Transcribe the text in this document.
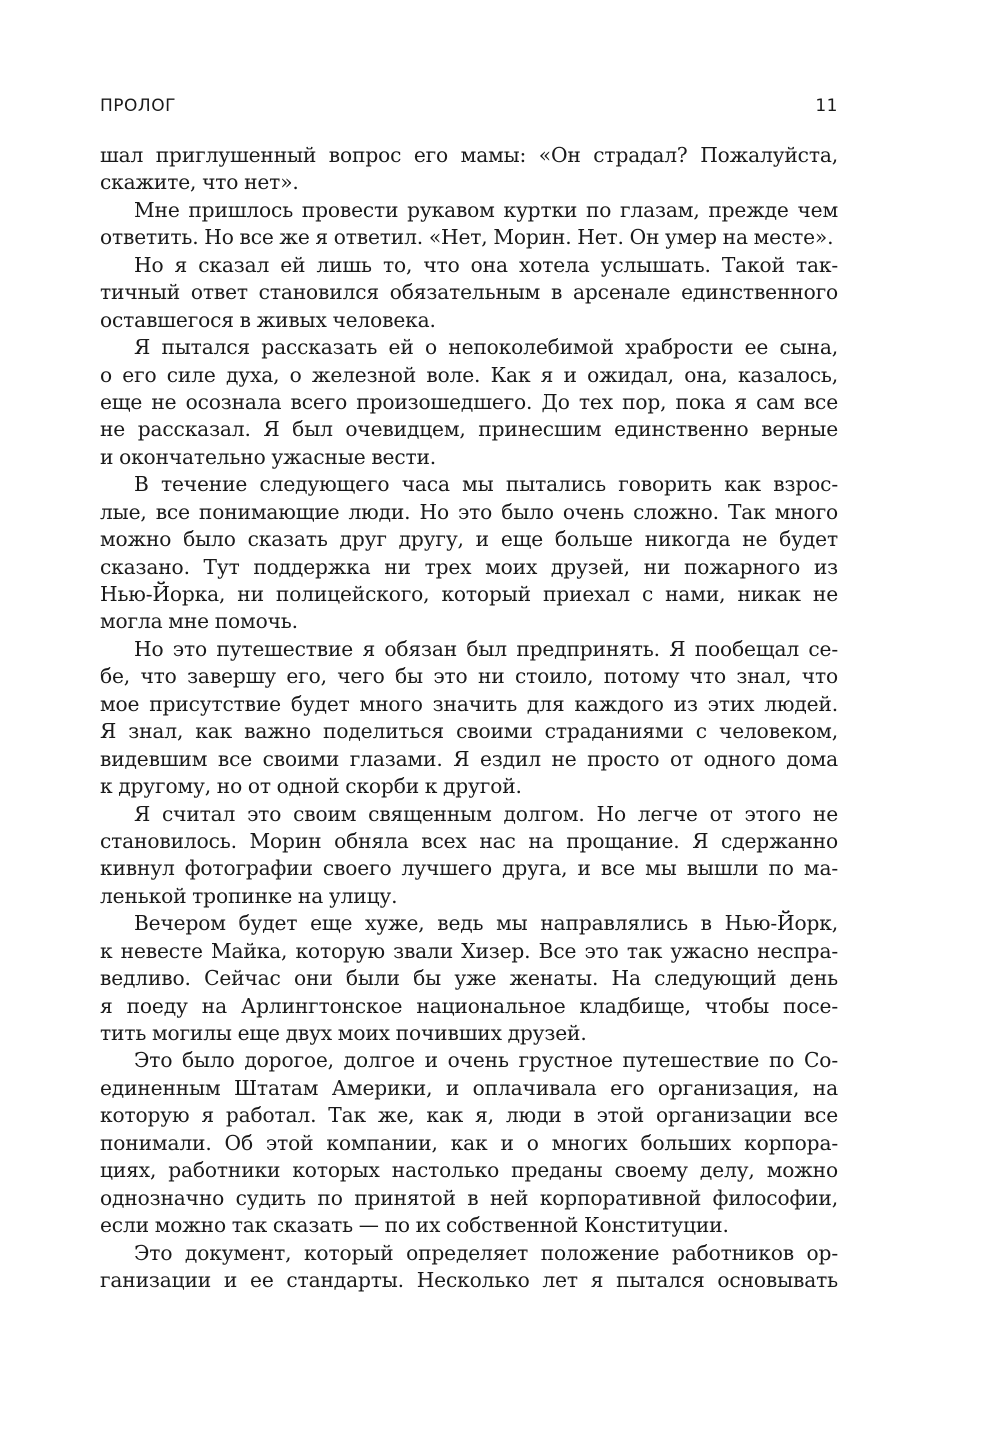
ПРОЛОГ	11
шал приглушенный вопрос его мамы: «Он страдал? Пожалуйста,
скажите, что нет».
Мне пришлось провести рукавом куртки по глазам, прежде чем
ответить. Но все же я ответил. «Нет, Морин. Нет. Он умер на месте».
Но я сказал ей лишь то, что она хотела услышать. Такой так-
тичный ответ становился обязательным в арсенале единственного
оставшегося в живых человека.
Я пытался рассказать ей о непоколебимой храбрости ее сына,
о его силе духа, о железной воле. Как я и ожидал, она, казалось,
еще не осознала всего произошедшего. До тех пор, пока я сам все
не рассказал. Я был очевидцем, принесшим единственно верные
и окончательно ужасные вести.
В течение следующего часа мы пытались говорить как взрос-
лые, все понимающие люди. Но это было очень сложно. Так много
можно было сказать друг другу, и еще больше никогда не будет
сказано. Тут поддержка ни трех моих друзей, ни пожарного из
Нью-Йорка, ни полицейского, который приехал с нами, никак не
могла мне помочь.
Но это путешествие я обязан был предпринять. Я пообещал се-
бе, что завершу его, чего бы это ни стоило, потому что знал, что
мое присутствие будет много значить для каждого из этих людей.
Я знал, как важно поделиться своими страданиями с человеком,
видевшим все своими глазами. Я ездил не просто от одного дома
к другому, но от одной скорби к другой.
Я считал это своим священным долгом. Но легче от этого не
становилось. Морин обняла всех нас на прощание. Я сдержанно
кивнул фотографии своего лучшего друга, и все мы вышли по ма-
ленькой тропинке на улицу.
Вечером будет еще хуже, ведь мы направлялись в Нью-Йорк,
к невесте Майка, которую звали Хизер. Все это так ужасно неспра-
ведливо. Сейчас они были бы уже женаты. На следующий день
я поеду на Арлингтонское национальное кладбище, чтобы посе-
тить могилы еще двух моих почивших друзей.
Это было дорогое, долгое и очень грустное путешествие по Со-
единенным Штатам Америки, и оплачивала его организация, на
которую я работал. Так же, как я, люди в этой организации все
понимали. Об этой компании, как и о многих больших корпора-
циях, работники которых настолько преданы своему делу, можно
однозначно судить по принятой в ней корпоративной философии,
если можно так сказать — по их собственной Конституции.
Это документ, который определяет положение работников ор-
ганизации и ее стандарты. Несколько лет я пытался основывать
